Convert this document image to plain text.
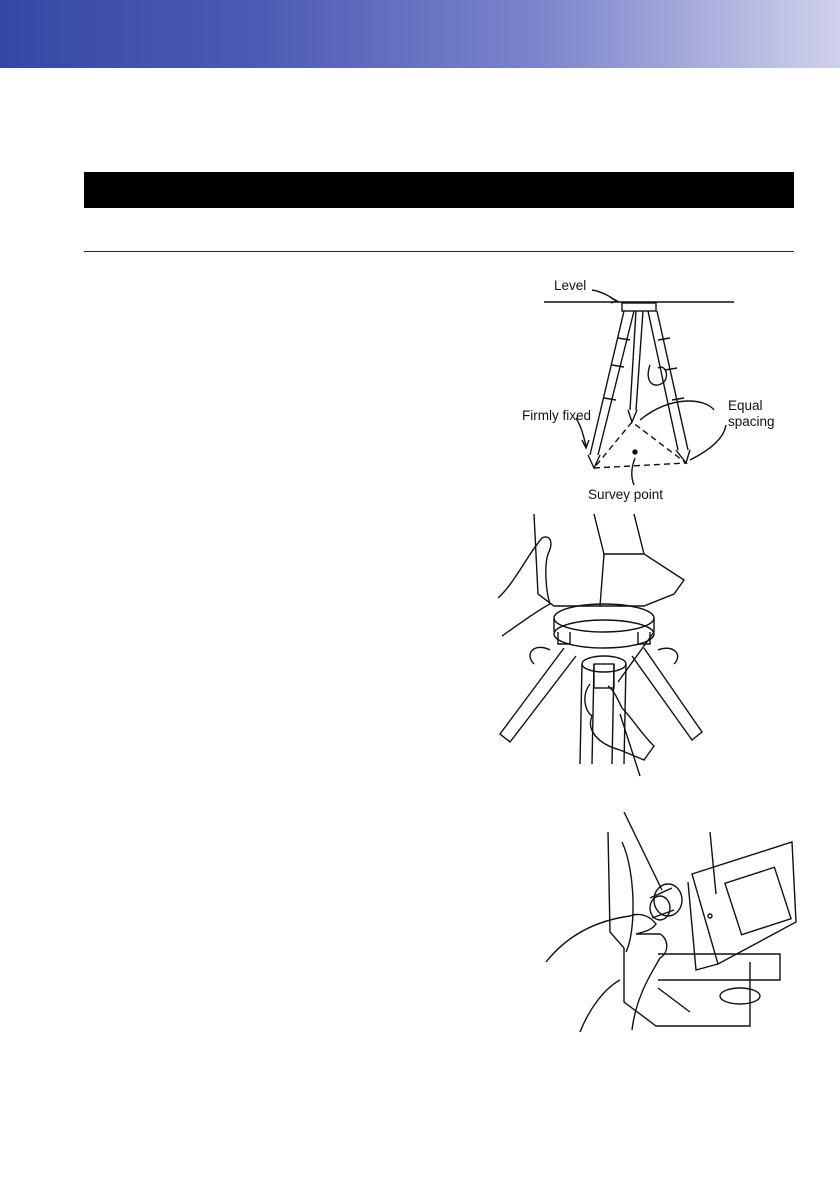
Level
Firmly fixed
Equal
spacing
Survey point
